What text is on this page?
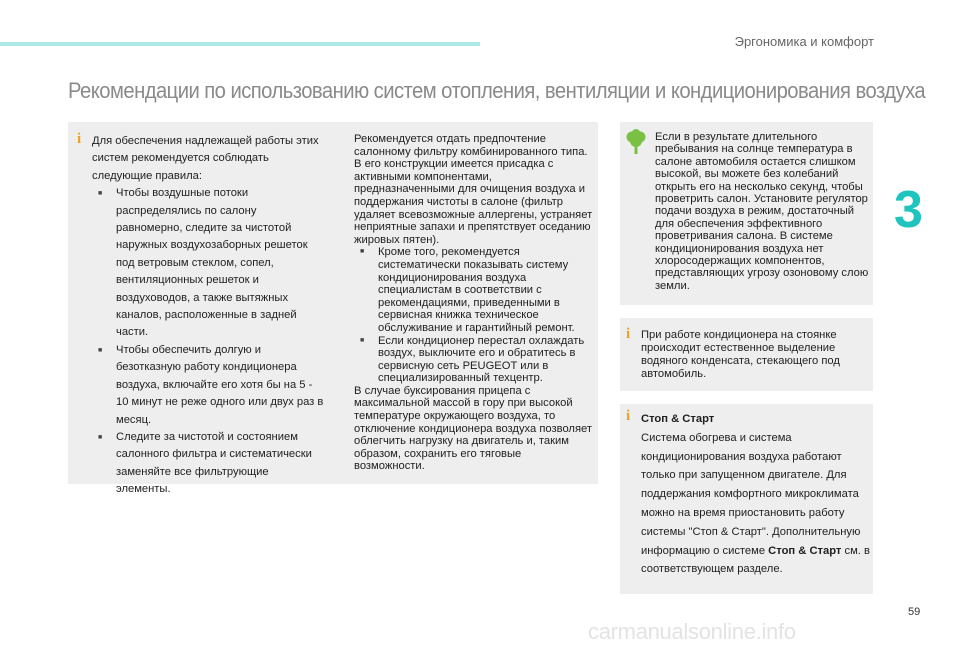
Эргономика и комфорт
Рекомендации по использованию систем отопления, вентиляции и кондиционирования воздуха
3
i
i
i

Для обеспечения надлежащей работы этих систем рекомендуется соблюдать следующие правила:

■ Чтобы воздушные потоки распределялись по салону равномерно, следите за чистотой наружных воздухозаборных решеток под ветровым стеклом, сопел, вентиляционных решеток и воздуховодов, а также вытяжных каналов, расположенные в задней части.
■ Чтобы обеспечить долгую и безотказную работу кондиционера воздуха, включайте его хотя бы на 5 - 10 минут не реже одного или двух раз в месяц.
■ Следите за чистотой и состоянием салонного фильтра и систематически заменяйте все фильтрующие элементы.

Рекомендуется отдать предпочтение салонному фильтру комбинированного типа. В его конструкции имеется присадка с активными компонентами, предназначенными для очищения воздуха и поддержания чистоты в салоне (фильтр удаляет всевозможные аллергены, устраняет неприятные запахи и препятствует оседанию жировых пятен).

■ Кроме того, рекомендуется систематически показывать систему кондиционирования воздуха специалистам в соответствии с рекомендациями, приведенными в сервисная книжка техническое обслуживание и гарантийный ремонт.
■ Если кондиционер перестал охлаждать воздух, выключите его и обратитесь в сервисную сеть PEUGEOT или в специализированный техцентр.

В случае буксирования прицепа с максимальной массой в гору при высокой температуре окружающего воздуха, то отключение кондиционера воздуха позволяет облегчить нагрузку на двигатель и, таким образом, сохранить его тяговые возможности.

Если в результате длительного пребывания на солнце температура в салоне автомобиля остается слишком высокой, вы можете без колебаний открыть его на несколько секунд, чтобы проветрить салон. Установите регулятор подачи воздуха в режим, достаточный для обеспечения эффективного проветривания салона. В системе кондиционирования воздуха нет хлоросодержащих компонентов, представляющих угрозу озоновому слою земли.
При работе кондиционера на стоянке происходит естественное выделение водяного конденсата, стекающего под автомобиль.

Стоп & Старт

Система обогрева и система кондиционирования воздуха работают только при запущенном двигателе. Для поддержания комфортного микроклимата можно на время приостановить работу системы "Стоп & Старт". Дополнительную информацию о системе Стоп & Старт см. в соответствующем разделе.

59
carmanualsonline.info
